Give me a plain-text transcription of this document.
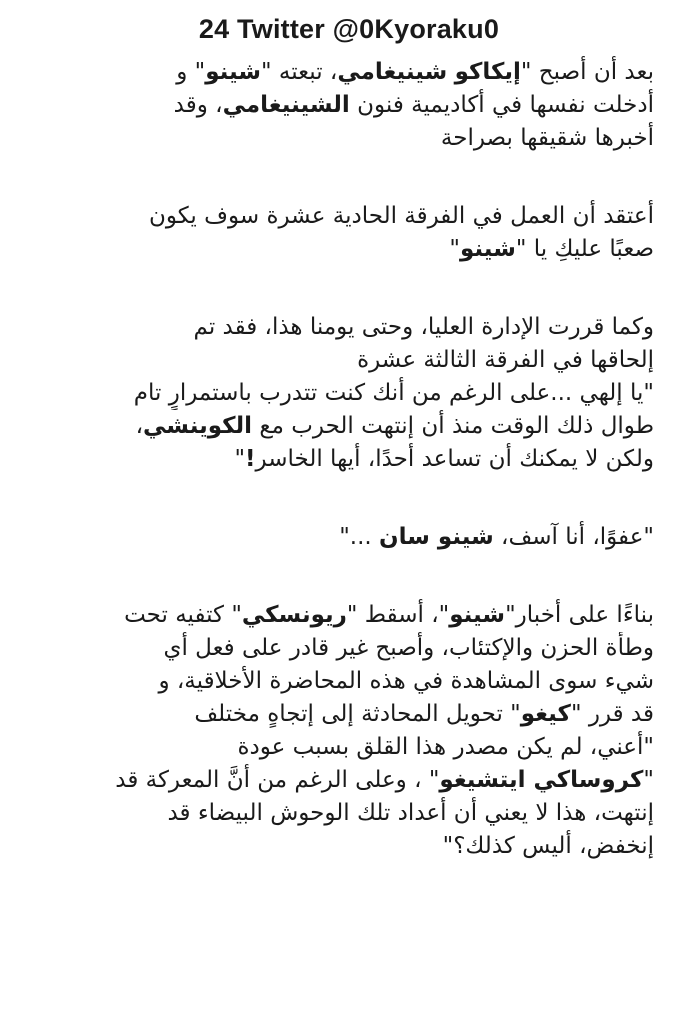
24 Twitter @0Kyoraku0
بعد أن أصبح "إيكاكو شينيغامي، تبعته "شينو" و
أدخلت نفسها في أكاديمية فنون الشينيغامي، وقد
أخبرها شقيقها بصراحة
أعتقد أن العمل في الفرقة الحادية عشرة سوف يكون
صعبًا عليكِ يا "شينو"
وكما قررت الإدارة العليا، وحتى يومنا هذا، فقد تم
إلحاقها في الفرقة الثالثة عشرة
"يا إلهي ...على الرغم من أنك كنت تتدرب باستمرارٍ تام
طوال ذلك الوقت منذ أن إنتهت الحرب مع الكوينشي،
ولكن لا يمكنك أن تساعد أحدًا، أيها الخاسر!"
"عفوًا، أنا آسف، شينو سان ..."
بناءًا على أخبار"شينو"، أسقط "ريونسكي" كتفيه تحت
وطأة الحزن والإكتئاب، وأصبح غير قادر على فعل أي
شيء سوى المشاهدة في هذه المحاضرة الأخلاقية، و
قد قرر "كيغو" تحويل المحادثة إلى إتجاهٍ مختلف
"أعني، لم يكن مصدر هذا القلق بسبب عودة
"كروساكي ايتشيغو" ، وعلى الرغم من أنَّ المعركة قد
إنتهت، هذا لا يعني أن أعداد تلك الوحوش البيضاء قد
إنخفض، أليس كذلك؟"
